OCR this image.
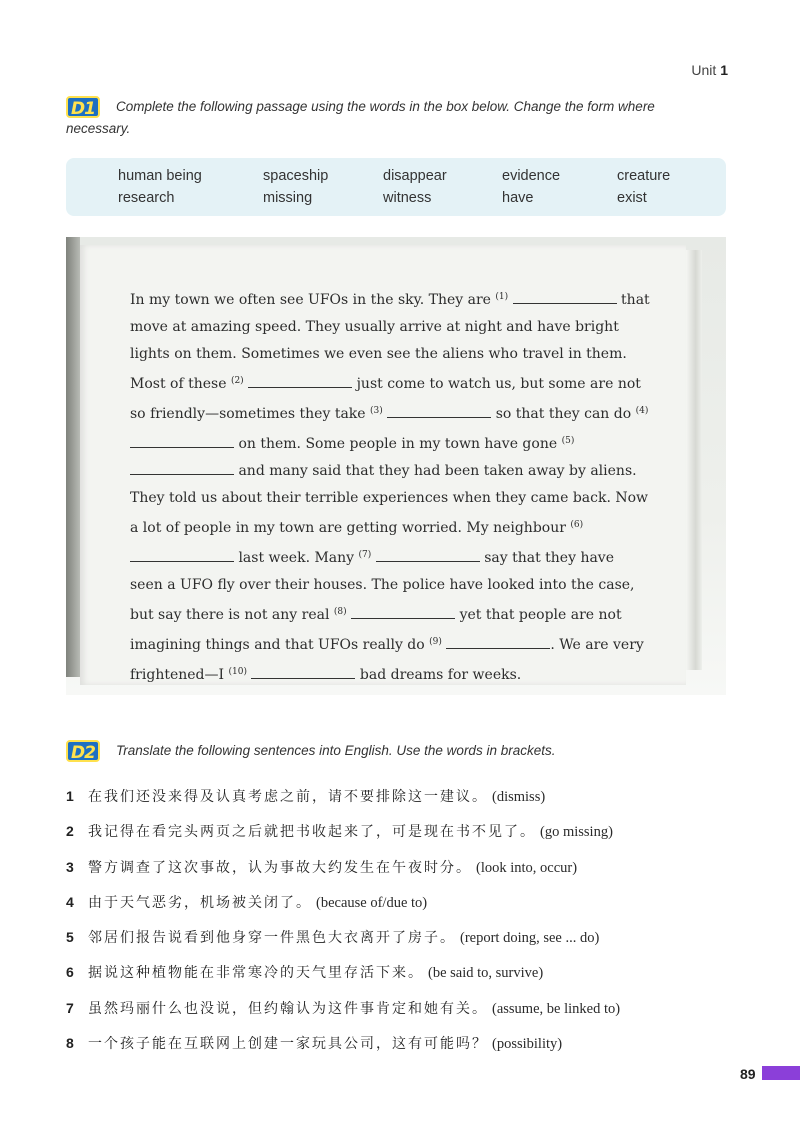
Unit 1
D1 Complete the following passage using the words in the box below. Change the form where necessary.
human being	spaceship	disappear	evidence	creature
research	missing	witness	have	exist
In my town we often see UFOs in the sky. They are $^{(1)}$	that move at amazing speed. They usually arrive at night and have bright lights on them. Sometimes we even see the aliens who travel in them. Most of these $^{(2)}$	just come to watch us, but some are not so friendly—sometimes they take $^{(3)}$	so that they can do $^{(4)}$  on them. Some people in my town have gone $^{(5)}$  and many said that they had been taken away by aliens. They told us about their terrible experiences when they came back. Now a lot of people in my town are getting worried. My neighbour $^{(6)}$  last week. Many $^{(7)}$	say that they have seen a UFO fly over their houses. The police have looked into the case, but say there is not any real $^{(8)}$	yet that people are not imagining things and that UFOs really do $^{(9)}$	. We are very frightened—I $^{(10)}$	bad dreams for weeks.
D2 Translate the following sentences into English. Use the words in brackets.
1 在我们还没来得及认真考虑之前，请不要排除这一建议。 (dismiss)
2 我记得在看完头两页之后就把书收起来了，可是现在书不见了。 (go missing)
3 警方调查了这次事故，认为事故大约发生在午夜时分。 (look into, occur)
4 由于天气恶劣，机场被关闭了。 (because of/due to)
5 邻居们报告说看到他身穿一件黑色大衣离开了房子。 (report doing, see ... do)
6 据说这种植物能在非常寒冷的天气里存活下来。 (be said to, survive)
7 虽然玛丽什么也没说，但约翰认为这件事肯定和她有关。 (assume, be linked to)
8 一个孩子能在互联网上创建一家玩具公司，这有可能吗？ (possibility)
89
